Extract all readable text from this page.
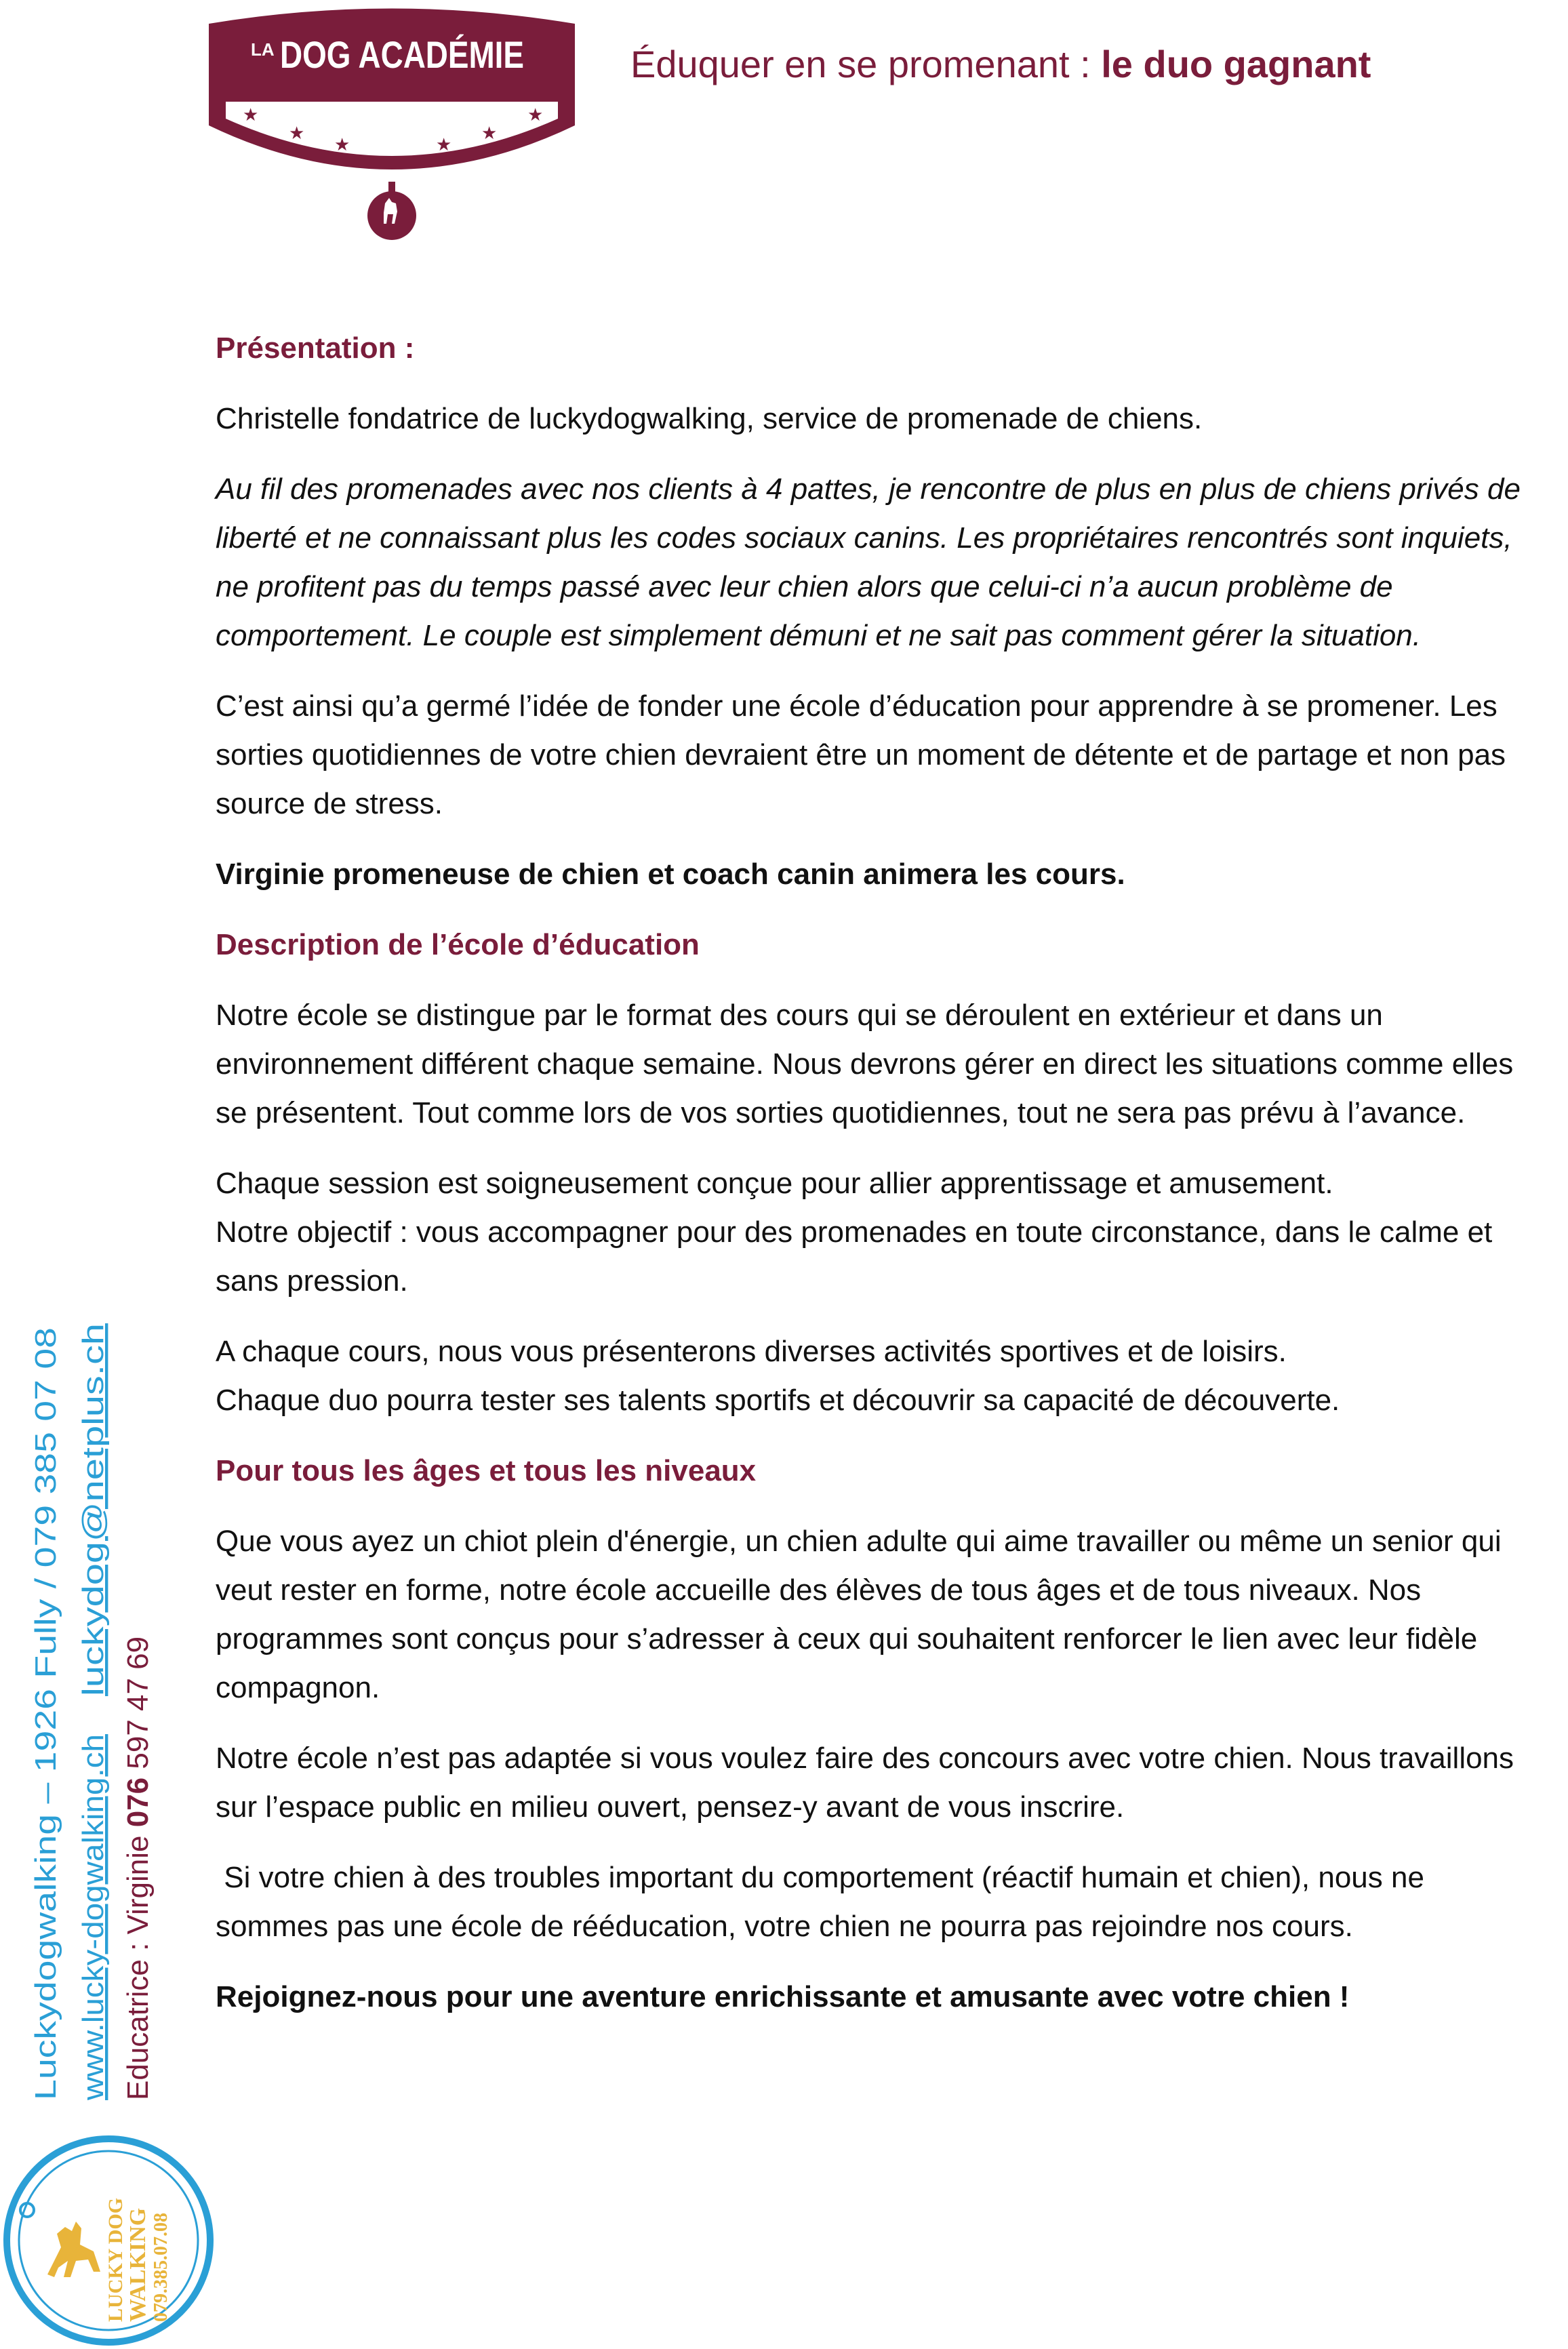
LA DOG ACADÉMIE
★
★
★	★
★
★
Éduquer en se promenant : le duo gagnant

Présentation :

Christelle fondatrice de luckydogwalking, service de promenade de chiens.

Au fil des promenades avec nos clients à 4 pattes, je rencontre de plus en plus de chiens privés de liberté et ne connaissant plus les codes sociaux canins. Les propriétaires rencontrés sont inquiets, ne profitent pas du temps passé avec leur chien alors que celui-ci n’a aucun problème de comportement. Le couple est simplement démuni et ne sait pas comment gérer la situation.

C’est ainsi qu’a germé l’idée de fonder une école d’éducation pour apprendre à se promener. Les sorties quotidiennes de votre chien devraient être un moment de détente et de partage et non pas source de stress.

Virginie promeneuse de chien et coach canin animera les cours.

Description de l’école d’éducation

Notre école se distingue par le format des cours qui se déroulent en extérieur et dans un environnement différent chaque semaine. Nous devrons gérer en direct les situations comme elles se présentent. Tout comme lors de vos sorties quotidiennes, tout ne sera pas prévu à l’avance.

Chaque session est soigneusement conçue pour allier apprentissage et amusement.
Notre objectif : vous accompagner pour des promenades en toute circonstance, dans le calme et sans pression.

A chaque cours, nous vous présenterons diverses activités sportives et de loisirs.
Chaque duo pourra tester ses talents sportifs et découvrir sa capacité de découverte.

Pour tous les âges et tous les niveaux

Que vous ayez un chiot plein d'énergie, un chien adulte qui aime travailler ou même un senior qui veut rester en forme, notre école accueille des élèves de tous âges et de tous niveaux. Nos programmes sont conçus pour s’adresser à ceux qui souhaitent renforcer le lien avec leur fidèle compagnon.

Notre école n’est pas adaptée si vous voulez faire des concours avec votre chien. Nous travaillons sur l’espace public en milieu ouvert, pensez-y avant de vous inscrire.

Si votre chien à des troubles important du comportement (réactif humain et chien), nous ne sommes pas une école de rééducation, votre chien ne pourra pas rejoindre nos cours.

Rejoignez-nous pour une aventure enrichissante et amusante avec votre chien !

Luckydogwalking – 1926 Fully / 079 385 07 08 www.lucky-dogwalking.ch
luckydog@netplus.ch
Educatrice : Virginie 076 597 47 69
LUCKY DOG
WALKING 079.385.07.08
